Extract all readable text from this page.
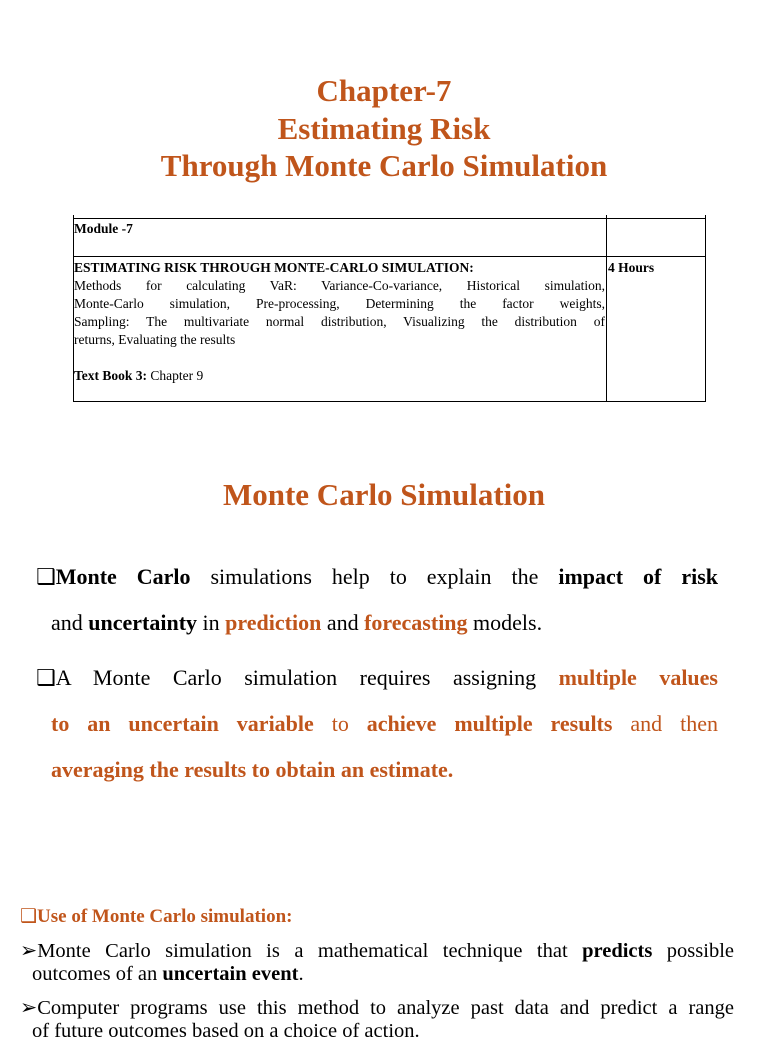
Chapter-7
Estimating Risk
Through Monte Carlo Simulation
Module -7
ESTIMATING RISK THROUGH MONTE-CARLO SIMULATION:	4 Hours
Methods for calculating VaR: Variance-Co-variance, Historical simulation,
Monte-Carlo simulation, Pre-processing, Determining the factor weights,
Sampling: The multivariate normal distribution, Visualizing the distribution of
returns, Evaluating the results
Text Book 3: Chapter 9
Monte Carlo Simulation
❑Monte Carlo simulations help to explain the impact of risk
and uncertainty in prediction and forecasting models.
❑A Monte Carlo simulation requires assigning multiple values
to an uncertain variable to achieve multiple results and then
averaging the results to obtain an estimate.
❑Use of Monte Carlo simulation:
➢Monte Carlo simulation is a mathematical technique that predicts possible
outcomes of an uncertain event.
➢Computer programs use this method to analyze past data and predict a range
of future outcomes based on a choice of action.
